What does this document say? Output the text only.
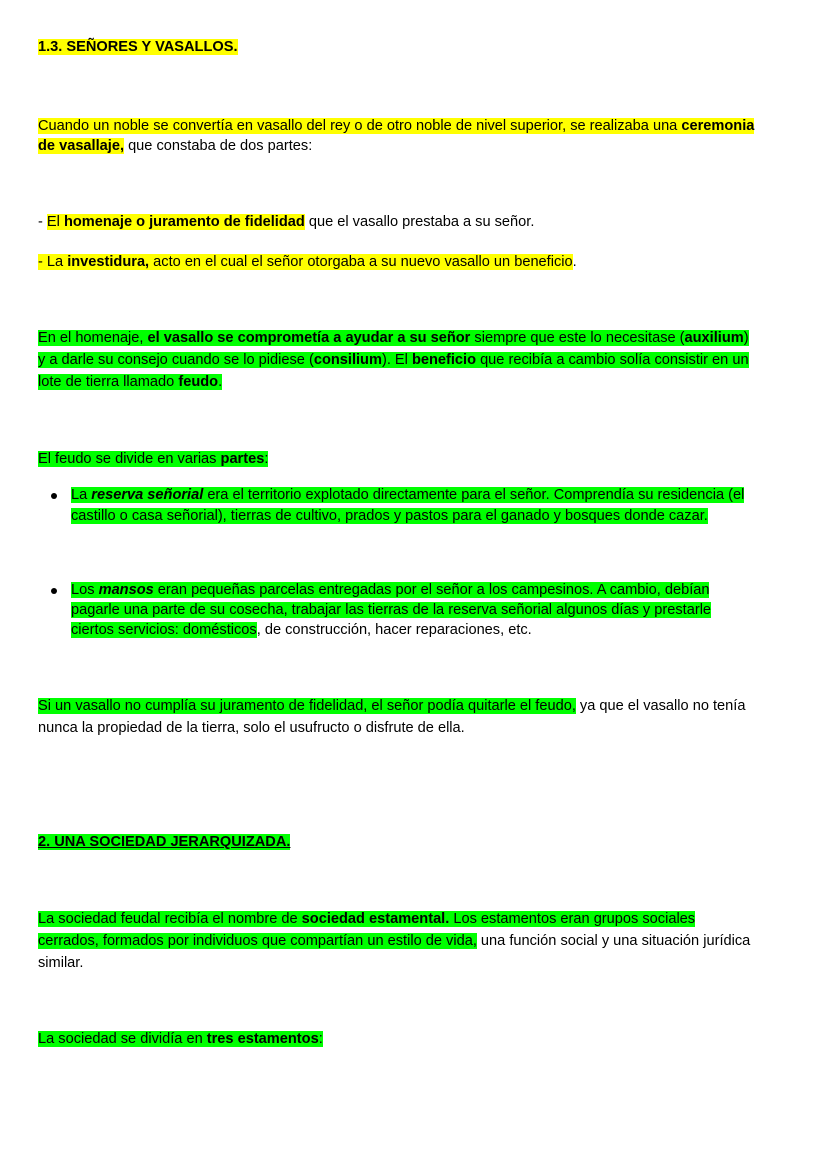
1.3. SEÑORES Y VASALLOS.
Cuando un noble se convertía en vasallo del rey o de otro noble de nivel superior, se realizaba una ceremonia
de vasallaje, que constaba de dos partes:
- El homenaje o juramento de fidelidad que el vasallo prestaba a su señor.
- La investidura, acto en el cual el señor otorgaba a su nuevo vasallo un beneficio.
En el homenaje, el vasallo se comprometía a ayudar a su señor siempre que este lo necesitase (auxilium)
y a darle su consejo cuando se lo pidiese (consilium). El beneficio que recibía a cambio solía consistir en un
lote de tierra llamado feudo.
El feudo se divide en varias partes:
La reserva señorial era el territorio explotado directamente para el señor. Comprendía su residencia (el
castillo o casa señorial), tierras de cultivo, prados y pastos para el ganado y bosques donde cazar.
Los mansos eran pequeñas parcelas entregadas por el señor a los campesinos. A cambio, debían
pagarle una parte de su cosecha, trabajar las tierras de la reserva señorial algunos días y prestarle
ciertos servicios: domésticos, de construcción, hacer reparaciones, etc.
Si un vasallo no cumplía su juramento de fidelidad, el señor podía quitarle el feudo, ya que el vasallo no tenía
nunca la propiedad de la tierra, solo el usufructo o disfrute de ella.
2. UNA SOCIEDAD JERARQUIZADA.
La sociedad feudal recibía el nombre de sociedad estamental. Los estamentos eran grupos sociales
cerrados, formados por individuos que compartían un estilo de vida, una función social y una situación jurídica
similar.
La sociedad se dividía en tres estamentos:
